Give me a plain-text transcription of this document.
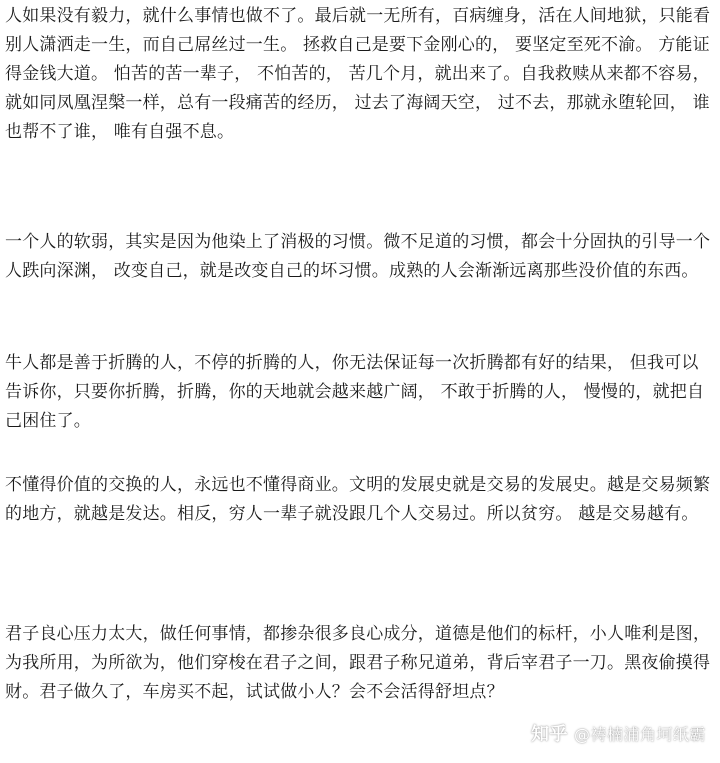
人如果没有毅力，就什么事情也做不了。最后就一无所有，百病缠身，活在人间地狱，只能看别人潇洒走一生，而自己屌丝过一生。 拯救自己是要下金刚心的， 要坚定至死不渝。 方能证得金钱大道。 怕苦的苦一辈子， 不怕苦的， 苦几个月，就出来了。自我救赎从来都不容易，就如同凤凰涅槃一样，总有一段痛苦的经历， 过去了海阔天空， 过不去，那就永堕轮回， 谁也帮不了谁， 唯有自强不息。

一个人的软弱，其实是因为他染上了消极的习惯。微不足道的习惯，都会十分固执的引导一个人跌向深渊， 改变自己，就是改变自己的坏习惯。成熟的人会渐渐远离那些没价值的东西。

牛人都是善于折腾的人，不停的折腾的人，你无法保证每一次折腾都有好的结果， 但我可以告诉你，只要你折腾，折腾，你的天地就会越来越广阔， 不敢于折腾的人， 慢慢的，就把自己困住了。

不懂得价值的交换的人，永远也不懂得商业。文明的发展史就是交易的发展史。越是交易频繁的地方，就越是发达。相反，穷人一辈子就没跟几个人交易过。所以贫穷。 越是交易越有。

君子良心压力太大，做任何事情，都掺杂很多良心成分，道德是他们的标杆，小人唯利是图，为我所用，为所欲为，他们穿梭在君子之间，跟君子称兄道弟，背后宰君子一刀。黑夜偷摸得财。君子做久了，车房买不起，试试做小人？会不会活得舒坦点？

知乎 @祷楠浦角坷纸霸
